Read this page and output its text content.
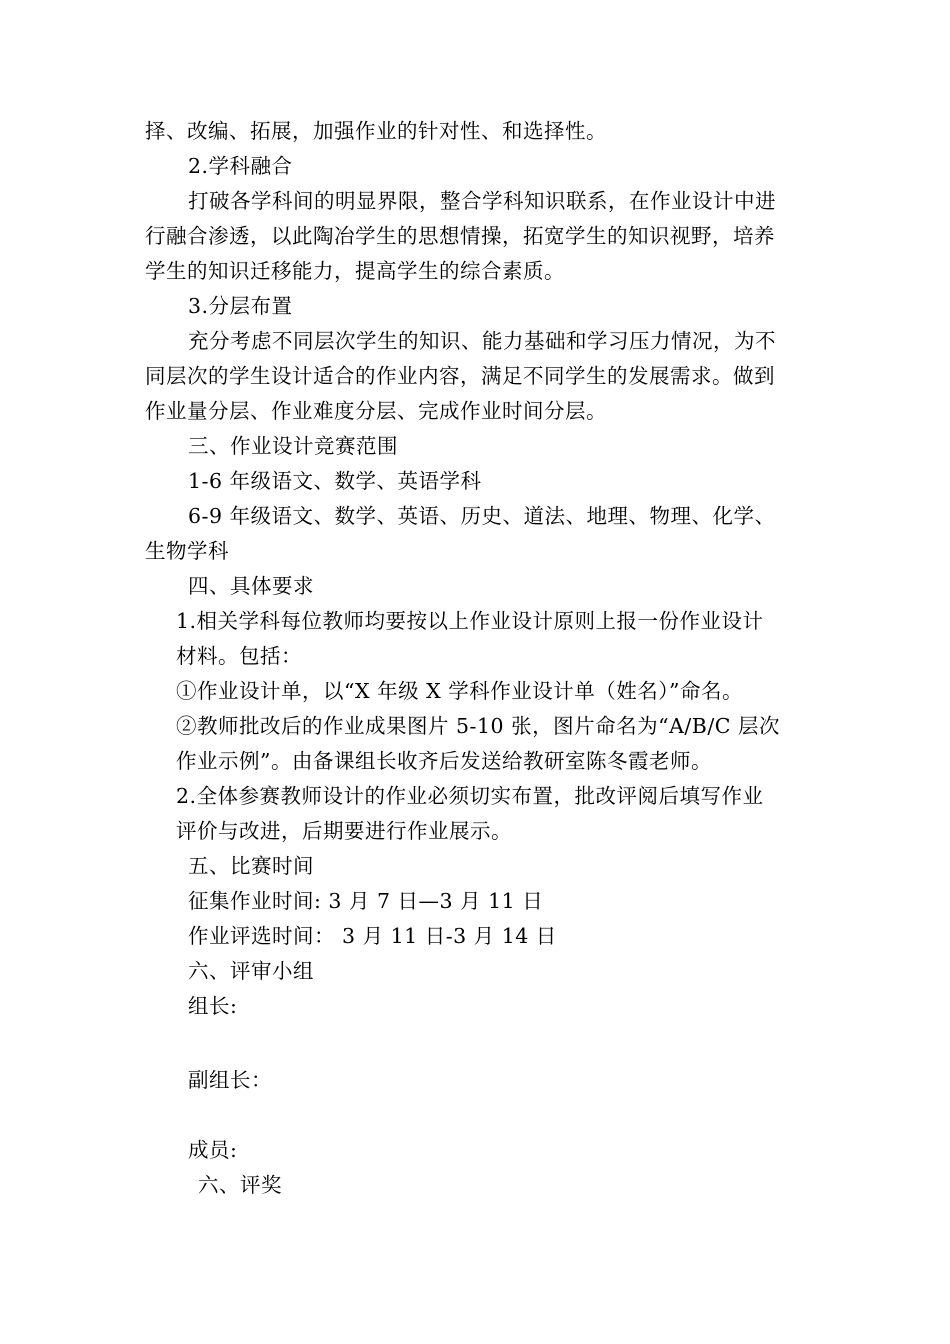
择、改编、拓展，加强作业的针对性、和选择性。
2.学科融合
打破各学科间的明显界限，整合学科知识联系，在作业设计中进
行融合渗透，以此陶冶学生的思想情操，拓宽学生的知识视野，培养
学生的知识迁移能力，提高学生的综合素质。
3.分层布置
充分考虑不同层次学生的知识、能力基础和学习压力情况，为不
同层次的学生设计适合的作业内容，满足不同学生的发展需求。做到
作业量分层、作业难度分层、完成作业时间分层。
三、作业设计竞赛范围
1-6 年级语文、数学、英语学科
6-9 年级语文、数学、英语、历史、道法、地理、物理、化学、
生物学科
四、具体要求
1.相关学科每位教师均要按以上作业设计原则上报一份作业设计
材料。包括：
①作业设计单，以“X 年级 X 学科作业设计单（姓名）”命名。
②教师批改后的作业成果图片 5-10 张，图片命名为“A/B/C 层次
作业示例”。由备课组长收齐后发送给教研室陈冬霞老师。
2.全体参赛教师设计的作业必须切实布置，批改评阅后填写作业
评价与改进，后期要进行作业展示。
五、比赛时间
征集作业时间: 3 月 7 日—3 月 11 日
作业评选时间： 3 月 11 日-3 月 14 日
六、评审小组
组长:
副组长：
成员:
六、评奖
